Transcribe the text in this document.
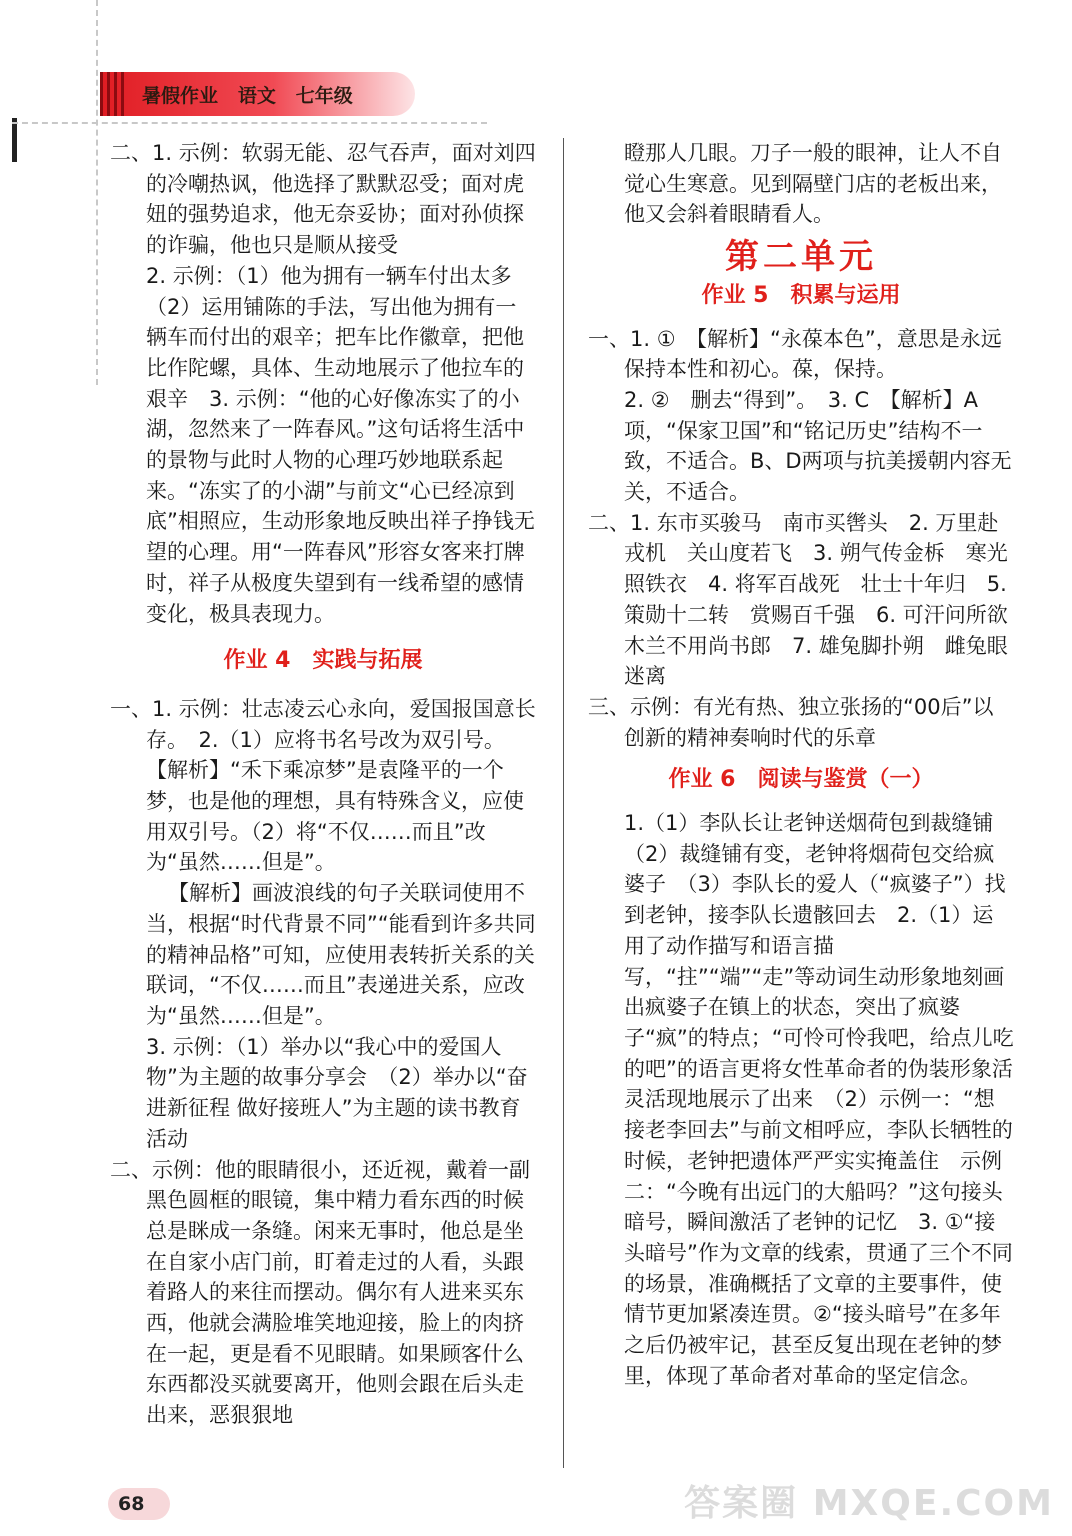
暑假作业 语文 七年级

二、1. 示例：软弱无能、忍气吞声，面对刘四的冷嘲热讽，他选择了默默忍受；面对虎妞的强势追求，他无奈妥协；面对孙侦探的诈骗，他也只是顺从接受

2. 示例：（1）他为拥有一辆车付出太多　（2）运用铺陈的手法，写出他为拥有一辆车而付出的艰辛；把车比作徽章，把他比作陀螺，具体、生动地展示了他拉车的艰辛　3. 示例：“他的心好像冻实了的小湖，忽然来了一阵春风。”这句话将生活中的景物与此时人物的心理巧妙地联系起来。“冻实了的小湖”与前文“心已经凉到底”相照应，生动形象地反映出祥子挣钱无望的心理。用“一阵春风”形容女客来打牌时，祥子从极度失望到有一线希望的感情变化，极具表现力。

作业 4　实践与拓展

一、1. 示例：壮志凌云心永向，爱国报国意长存。　2.（1）应将书名号改为双引号。　【解析】“禾下乘凉梦”是袁隆平的一个梦，也是他的理想，具有特殊含义，应使用双引号。（2）将“不仅……而且”改为“虽然……但是”。

【解析】画波浪线的句子关联词使用不当，根据“时代背景不同”“能看到许多共同的精神品格”可知，应使用表转折关系的关联词，“不仅……而且”表递进关系，应改为“虽然……但是”。

3. 示例：（1）举办以“我心中的爱国人物”为主题的故事分享会　（2）举办以“奋进新征程 做好接班人”为主题的读书教育活动

二、示例：他的眼睛很小，还近视，戴着一副黑色圆框的眼镜，集中精力看东西的时候总是眯成一条缝。闲来无事时，他总是坐在自家小店门前，盯着走过的人看，头跟着路人的来往而摆动。偶尔有人进来买东西，他就会满脸堆笑地迎接，脸上的肉挤在一起，更是看不见眼睛。如果顾客什么东西都没买就要离开，他则会跟在后头走出来，恶狠狠地

瞪那人几眼。刀子一般的眼神，让人不自觉心生寒意。见到隔壁门店的老板出来，他又会斜着眼睛看人。

第二单元

作业 5　积累与运用

一、1. ①　【解析】“永葆本色”，意思是永远保持本性和初心。葆，保持。

2. ②　删去“得到”。　3. C　【解析】A项，“保家卫国”和“铭记历史”结构不一致，不适合。B、D两项与抗美援朝内容无关，不适合。

二、1. 东市买骏马　南市买辔头　2. 万里赴戎机　关山度若飞　3. 朔气传金柝　寒光照铁衣　4. 将军百战死　壮士十年归　5. 策勋十二转　赏赐百千强　6. 可汗问所欲　木兰不用尚书郎　7. 雄兔脚扑朔　雌兔眼迷离

三、示例：有光有热、独立张扬的“00后”以创新的精神奏响时代的乐章

作业 6　阅读与鉴赏（一）

1.（1）李队长让老钟送烟荷包到裁缝铺　（2）裁缝铺有变，老钟将烟荷包交给疯婆子　（3）李队长的爱人（“疯婆子”）找到老钟，接李队长遗骸回去　2.（1）运用了动作描写和语言描写，“拄”“端”“走”等动词生动形象地刻画出疯婆子在镇上的状态，突出了疯婆子“疯”的特点；“可怜可怜我吧，给点儿吃的吧”的语言更将女性革命者的伪装形象活灵活现地展示了出来　（2）示例一：“想接老李回去”与前文相呼应，李队长牺牲的时候，老钟把遗体严严实实掩盖住　示例二：“今晚有出远门的大船吗？”这句接头暗号，瞬间激活了老钟的记忆　3. ①“接头暗号”作为文章的线索，贯通了三个不同的场景，准确概括了文章的主要事件，使情节更加紧凑连贯。②“接头暗号”在多年之后仍被牢记，甚至反复出现在老钟的梦里，体现了革命者对革命的坚定信念。

68	答案圈 MXQE.COM
